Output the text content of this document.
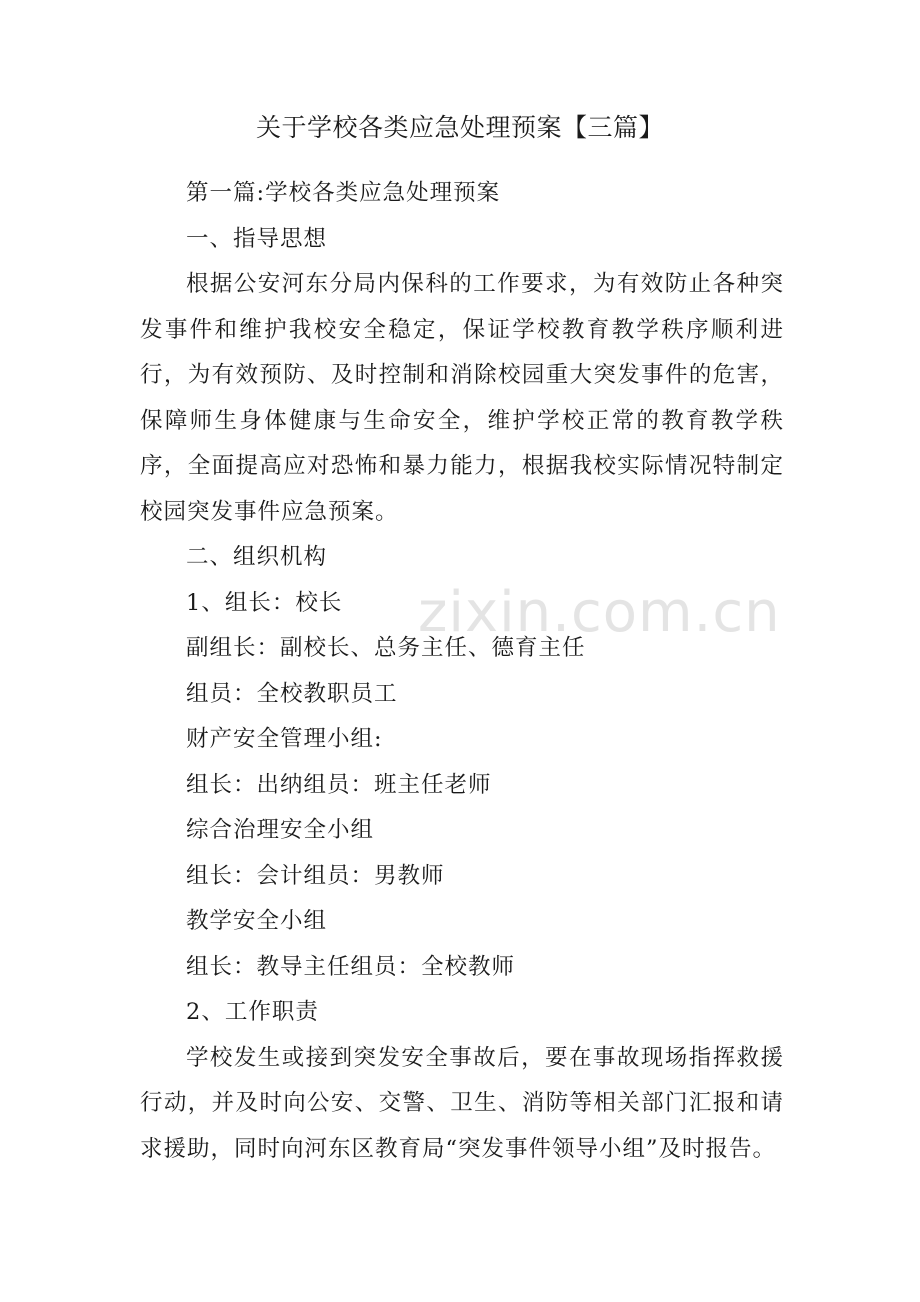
关于学校各类应急处理预案【三篇】
第一篇:学校各类应急处理预案
一、指导思想
根据公安河东分局内保科的工作要求，为有效防止各种突发事件和维护我校安全稳定，保证学校教育教学秩序顺利进行，为有效预防、及时控制和消除校园重大突发事件的危害，保障师生身体健康与生命安全，维护学校正常的教育教学秩序，全面提高应对恐怖和暴力能力，根据我校实际情况特制定校园突发事件应急预案。
二、组织机构
1、组长：校长
副组长：副校长、总务主任、德育主任
组员：全校教职员工
财产安全管理小组:
组长：出纳组员：班主任老师
综合治理安全小组
组长：会计组员：男教师
教学安全小组
组长：教导主任组员：全校教师
2、工作职责
学校发生或接到突发安全事故后，要在事故现场指挥救援行动，并及时向公安、交警、卫生、消防等相关部门汇报和请求援助，同时向河东区教育局“突发事件领导小组”及时报告。
zixin.com.cn
